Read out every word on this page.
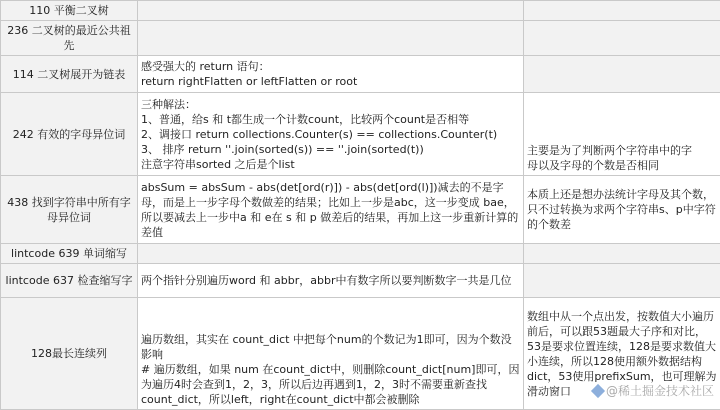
110 平衡二叉树		
236 二叉树的最近公共祖先		
114 二叉树展开为链表	感受强大的 return 语句：
return rightFlatten or leftFlatten or root	

242 有效的字母异位词	三种解法：
1、普通，给s 和 t都生成一个计数count，比较两个count是否相等
2、调接口 return collections.Counter(s) == collections.Counter(t)
3、 排序 return ''.join(sorted(s)) == ''.join(sorted(t))
注意字符串sorted 之后是个list	主要是为了判断两个字符串中的字
母以及字母的个数是否相同

438 找到字符串中所有字母异位词	absSum = absSum - abs(det[ord(r)]) - abs(det[ord(l)])减去的不是字母，而是上一步字母个数做差的结果；比如上一步是abc，这一步变成 bae，所以要减去上一步中a 和 e在 s 和 p 做差后的结果，再加上这一步重新计算的差值	本质上还是想办法统计字母及其个数，只不过转换为求两个字符串s、p中字符的个数差

lintcode 639 单词缩写		
lintcode 637 检查缩写字	两个指针分别遍历word 和 abbr，abbr中有数字所以要判断数字一共是几位	

128最长连续列	遍历数组，其实在 count_dict 中把每个num的个数记为1即可，因为个数没影响
# 遍历数组，如果 num 在count_dict中，则删除count_dict[num]即可，因为遍历4时会查到1，2，3，所以后边再遇到1，2，3时不需要重新查找count_dict，所以left，right在count_dict中都会被删除	数组中从一个点出发，按数值大小遍历前后，可以跟53题最大子序和对比，53是要求位置连续，128是要求数值大小连续，所以128使用额外数据结构dict，53使用prefixSum，也可理解为滑动窗口	@稀土掘金技术社区
